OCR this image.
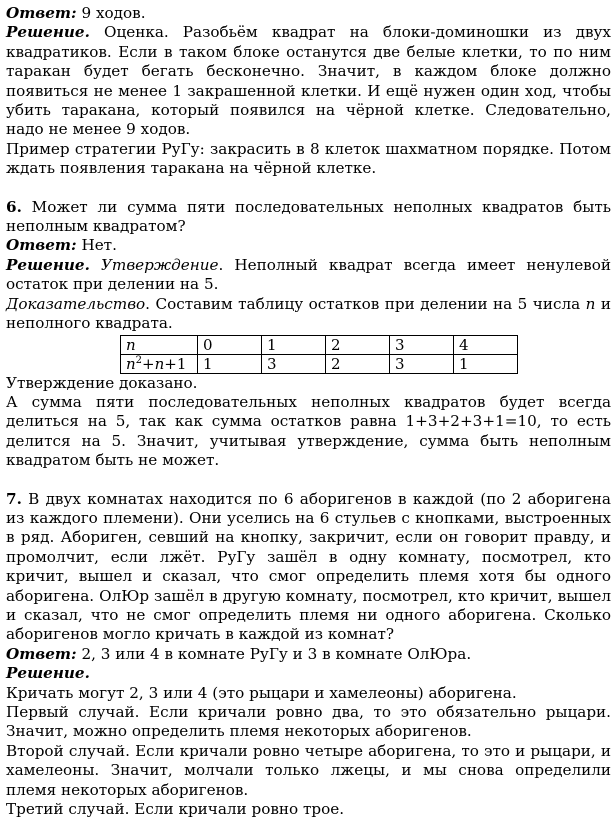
Ответ: 9 ходов.

Решение. Оценка. Разобьём квадрат на блоки-доминошки из двух квадратиков. Если в таком блоке останутся две белые клетки, то по ним таракан будет бегать бесконечно. Значит, в каждом блоке должно появиться не менее 1 закрашенной клетки. И ещё нужен один ход, чтобы убить таракана, который появился на чёрной клетке. Следовательно, надо не менее 9 ходов.

Пример стратегии РуГу: закрасить в 8 клеток шахматном порядке. Потом ждать появления таракана на чёрной клетке.

6. Может ли сумма пяти последовательных неполных квадратов быть неполным квадратом?

Ответ: Нет.

Решение. Утверждение. Неполный квадрат всегда имеет ненулевой остаток при делении на 5.

Доказательство. Составим таблицу остатков при делении на 5 числа n и неполного квадрата.

n	0	1	2	3	4
$n^2+n+1$	1	3	2	3	1

Утверждение доказано.

А сумма пяти последовательных неполных квадратов будет всегда делиться на 5, так как сумма остатков равна 1+3+2+3+1=10, то есть делится на 5. Значит, учитывая утверждение, сумма быть неполным квадратом быть не может.

7. В двух комнатах находится по 6 аборигенов в каждой (по 2 аборигена из каждого племени). Они уселись на 6 стульев с кнопками, выстроенных в ряд. Абориген, севший на кнопку, закричит, если он говорит правду, и промолчит, если лжёт. РуГу зашёл в одну комнату, посмотрел, кто кричит, вышел и сказал, что смог определить племя хотя бы одного аборигена. ОлЮр зашёл в другую комнату, посмотрел, кто кричит, вышел и сказал, что не смог определить племя ни одного аборигена. Сколько аборигенов могло кричать в каждой из комнат?

Ответ: 2, 3 или 4 в комнате РуГу и 3 в комнате ОлЮра.

Решение.

Кричать могут 2, 3 или 4 (это рыцари и хамелеоны) аборигена.

Первый случай. Если кричали ровно два, то это обязательно рыцари. Значит, можно определить племя некоторых аборигенов.

Второй случай. Если кричали ровно четыре аборигена, то это и рыцари, и хамелеоны. Значит, молчали только лжецы, и мы снова определили племя некоторых аборигенов.

Третий случай. Если кричали ровно трое.
